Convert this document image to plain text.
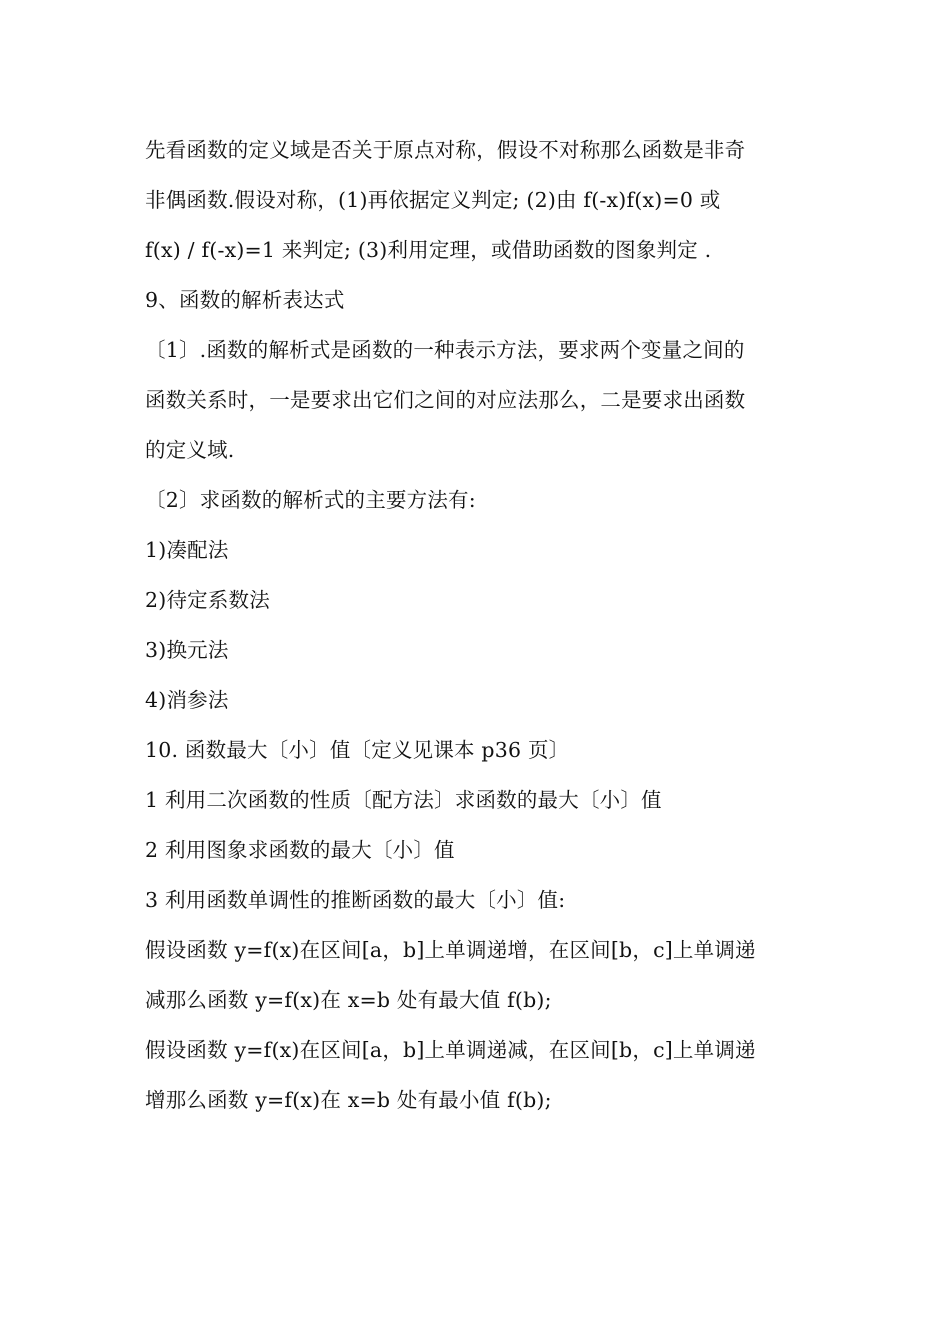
先看函数的定义域是否关于原点对称，假设不对称那么函数是非奇
非偶函数.假设对称，(1)再依据定义判定; (2)由 f(-x)f(x)=0 或
f(x) / f(-x)=1 来判定; (3)利用定理，或借助函数的图象判定 .
9、函数的解析表达式
〔1〕.函数的解析式是函数的一种表示方法，要求两个变量之间的
函数关系时，一是要求出它们之间的对应法那么，二是要求出函数
的定义域.
〔2〕求函数的解析式的主要方法有:
1)凑配法
2)待定系数法
3)换元法
4)消参法
10. 函数最大〔小〕值〔定义见课本 p36 页〕
1 利用二次函数的性质〔配方法〕求函数的最大〔小〕值
2 利用图象求函数的最大〔小〕值
3 利用函数单调性的推断函数的最大〔小〕值:
假设函数 y=f(x)在区间[a，b]上单调递增，在区间[b，c]上单调递
减那么函数 y=f(x)在 x=b 处有最大值 f(b);
假设函数 y=f(x)在区间[a，b]上单调递减，在区间[b，c]上单调递
增那么函数 y=f(x)在 x=b 处有最小值 f(b);
